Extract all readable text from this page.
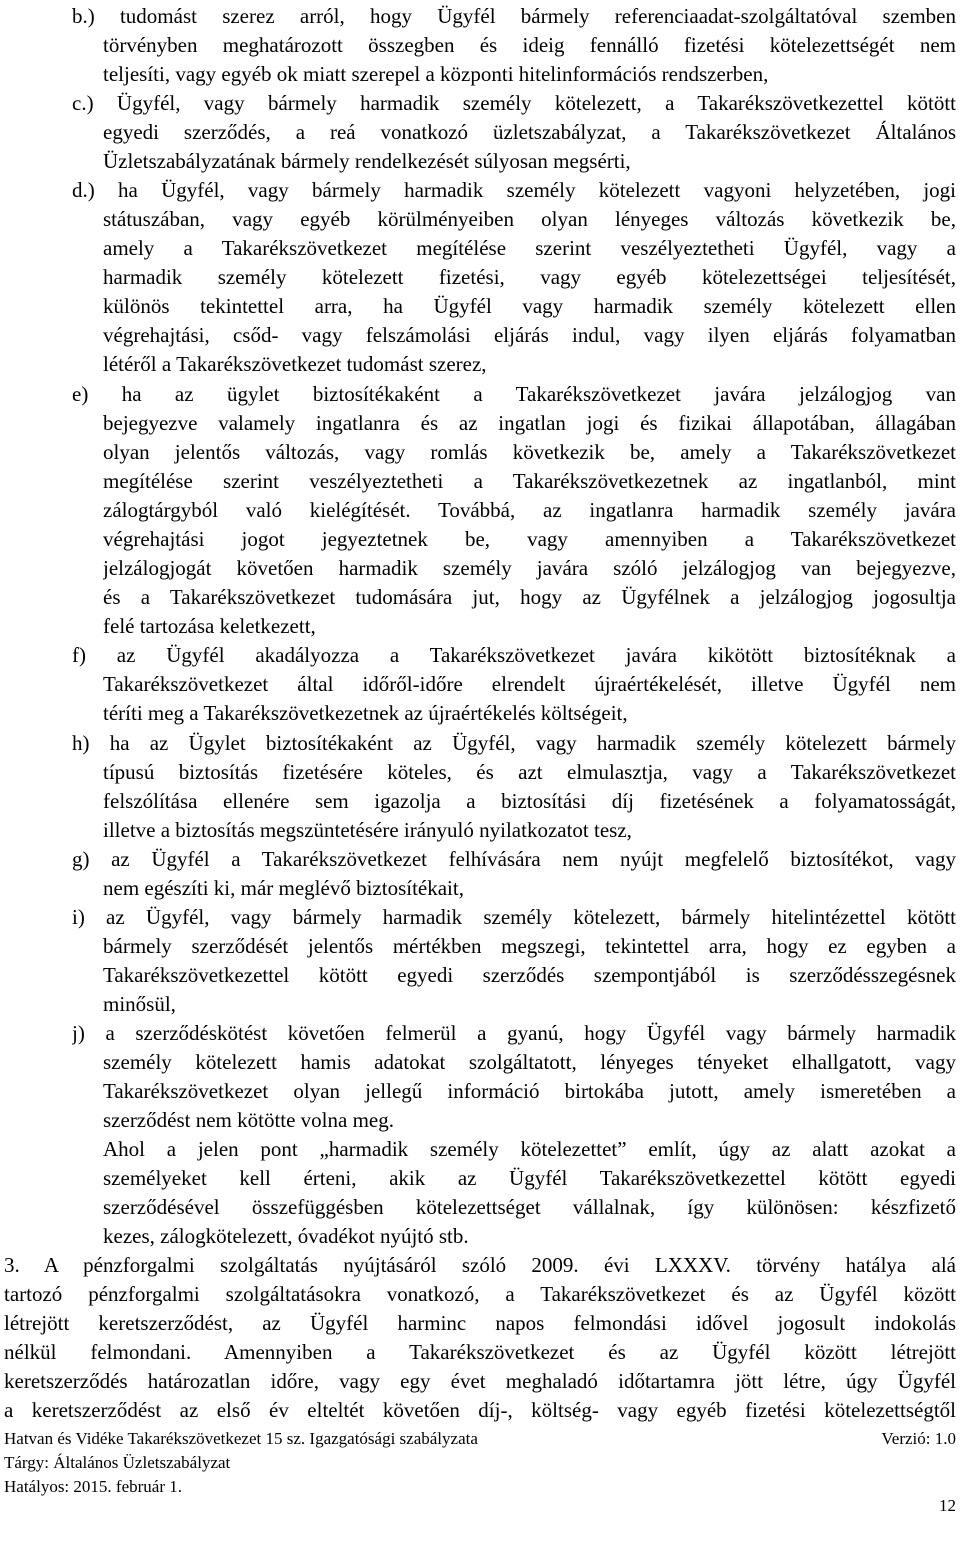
b.) tudomást szerez arról, hogy Ügyfél bármely referenciaadat-szolgáltatóval szemben
törvényben meghatározott összegben és ideig fennálló fizetési kötelezettségét nem
teljesíti, vagy egyéb ok miatt szerepel a központi hitelinformációs rendszerben,
c.) Ügyfél, vagy bármely harmadik személy kötelezett, a Takarékszövetkezettel kötött
egyedi szerződés, a reá vonatkozó üzletszabályzat, a Takarékszövetkezet Általános
Üzletszabályzatának bármely rendelkezését súlyosan megsérti,
d.) ha Ügyfél, vagy bármely harmadik személy kötelezett vagyoni helyzetében, jogi
státuszában, vagy egyéb körülményeiben olyan lényeges változás következik be,
amely a Takarékszövetkezet megítélése szerint veszélyeztetheti Ügyfél, vagy a
harmadik személy kötelezett fizetési, vagy egyéb kötelezettségei teljesítését,
különös tekintettel arra, ha Ügyfél vagy harmadik személy kötelezett ellen
végrehajtási, csőd- vagy felszámolási eljárás indul, vagy ilyen eljárás folyamatban
létéről a Takarékszövetkezet tudomást szerez,
e) ha az ügylet biztosítékaként a Takarékszövetkezet javára jelzálogjog van
bejegyezve valamely ingatlanra és az ingatlan jogi és fizikai állapotában, állagában
olyan jelentős változás, vagy romlás következik be, amely a Takarékszövetkezet
megítélése szerint veszélyeztetheti a Takarékszövetkezetnek az ingatlanból, mint
zálogtárgyból való kielégítését. Továbbá, az ingatlanra harmadik személy javára
végrehajtási jogot jegyeztetnek be, vagy amennyiben a Takarékszövetkezet
jelzálogjogát követően harmadik személy javára szóló jelzálogjog van bejegyezve,
és a Takarékszövetkezet tudomására jut, hogy az Ügyfélnek a jelzálogjog jogosultja
felé tartozása keletkezett,
f) az Ügyfél akadályozza a Takarékszövetkezet javára kikötött biztosítéknak a
Takarékszövetkezet által időről-időre elrendelt újraértékelését, illetve Ügyfél nem
téríti meg a Takarékszövetkezetnek az újraértékelés költségeit,
h) ha az Ügylet biztosítékaként az Ügyfél, vagy harmadik személy kötelezett bármely
típusú biztosítás fizetésére köteles, és azt elmulasztja, vagy a Takarékszövetkezet
felszólítása ellenére sem igazolja a biztosítási díj fizetésének a folyamatosságát,
illetve a biztosítás megszüntetésére irányuló nyilatkozatot tesz,
g) az Ügyfél a Takarékszövetkezet felhívására nem nyújt megfelelő biztosítékot, vagy
nem egészíti ki, már meglévő biztosítékait,
i) az Ügyfél, vagy bármely harmadik személy kötelezett, bármely hitelintézettel kötött
bármely szerződését jelentős mértékben megszegi, tekintettel arra, hogy ez egyben a
Takarékszövetkezettel kötött egyedi szerződés szempontjából is szerződésszegésnek
minősül,
j) a szerződéskötést követően felmerül a gyanú, hogy Ügyfél vagy bármely harmadik
személy kötelezett hamis adatokat szolgáltatott, lényeges tényeket elhallgatott, vagy
Takarékszövetkezet olyan jellegű információ birtokába jutott, amely ismeretében a
szerződést nem kötötte volna meg.
Ahol a jelen pont „harmadik személy kötelezettet” említ, úgy az alatt azokat a
személyeket kell érteni, akik az Ügyfél Takarékszövetkezettel kötött egyedi
szerződésével összefüggésben kötelezettséget vállalnak, így különösen: készfizető
kezes, zálogkötelezett, óvadékot nyújtó stb.
3. A pénzforgalmi szolgáltatás nyújtásáról szóló 2009. évi LXXXV. törvény hatálya alá
tartozó pénzforgalmi szolgáltatásokra vonatkozó, a Takarékszövetkezet és az Ügyfél között
létrejött keretszerződést, az Ügyfél harminc napos felmondási idővel jogosult indokolás
nélkül felmondani. Amennyiben a Takarékszövetkezet és az Ügyfél között létrejött
keretszerződés határozatlan időre, vagy egy évet meghaladó időtartamra jött létre, úgy Ügyfél
a keretszerződést az első év elteltét követően díj-, költség- vagy egyéb fizetési kötelezettségtől
Hatvan és Vidéke Takarékszövetkezet 15 sz. Igazgatósági szabályzata	Verzió: 1.0
Tárgy: Általános Üzletszabályzat
Hatályos: 2015. február 1.
12
